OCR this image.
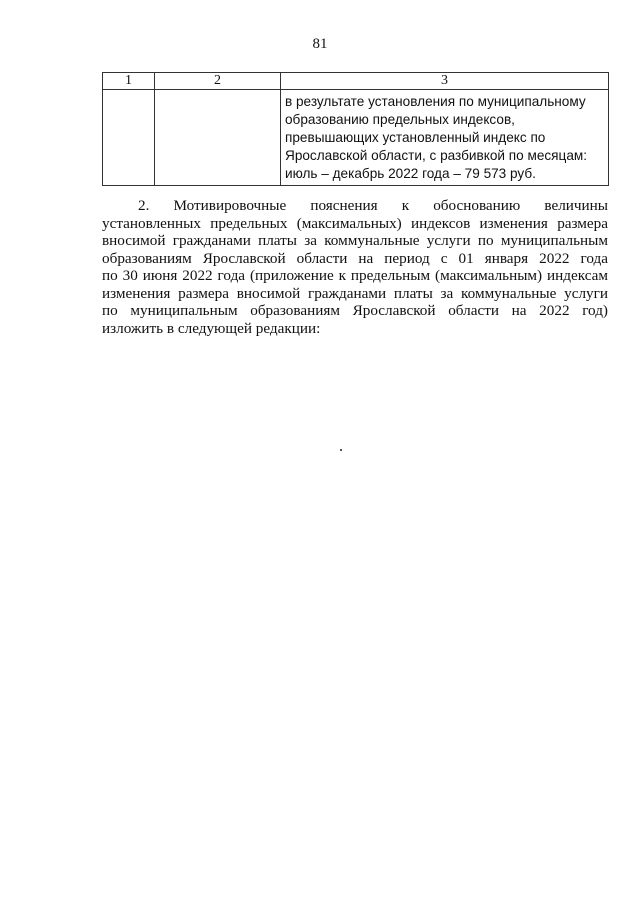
81
1	2	3

		в результате установления по муниципальному
образованию предельных индексов,
превышающих установленный индекс по
Ярославской области, с разбивкой по месяцам:
июль – декабрь 2022 года – 79 573 руб.
2. Мотивировочные пояснения к обоснованию величины
установленных предельных (максимальных) индексов изменения размера
вносимой гражданами платы за коммунальные услуги по муниципальным
образованиям Ярославской области на период с 01 января 2022 года
по 30 июня 2022 года (приложение к предельным (максимальным) индексам
изменения размера вносимой гражданами платы за коммунальные услуги
по муниципальным образованиям Ярославской области на 2022 год)
изложить в следующей редакции:
